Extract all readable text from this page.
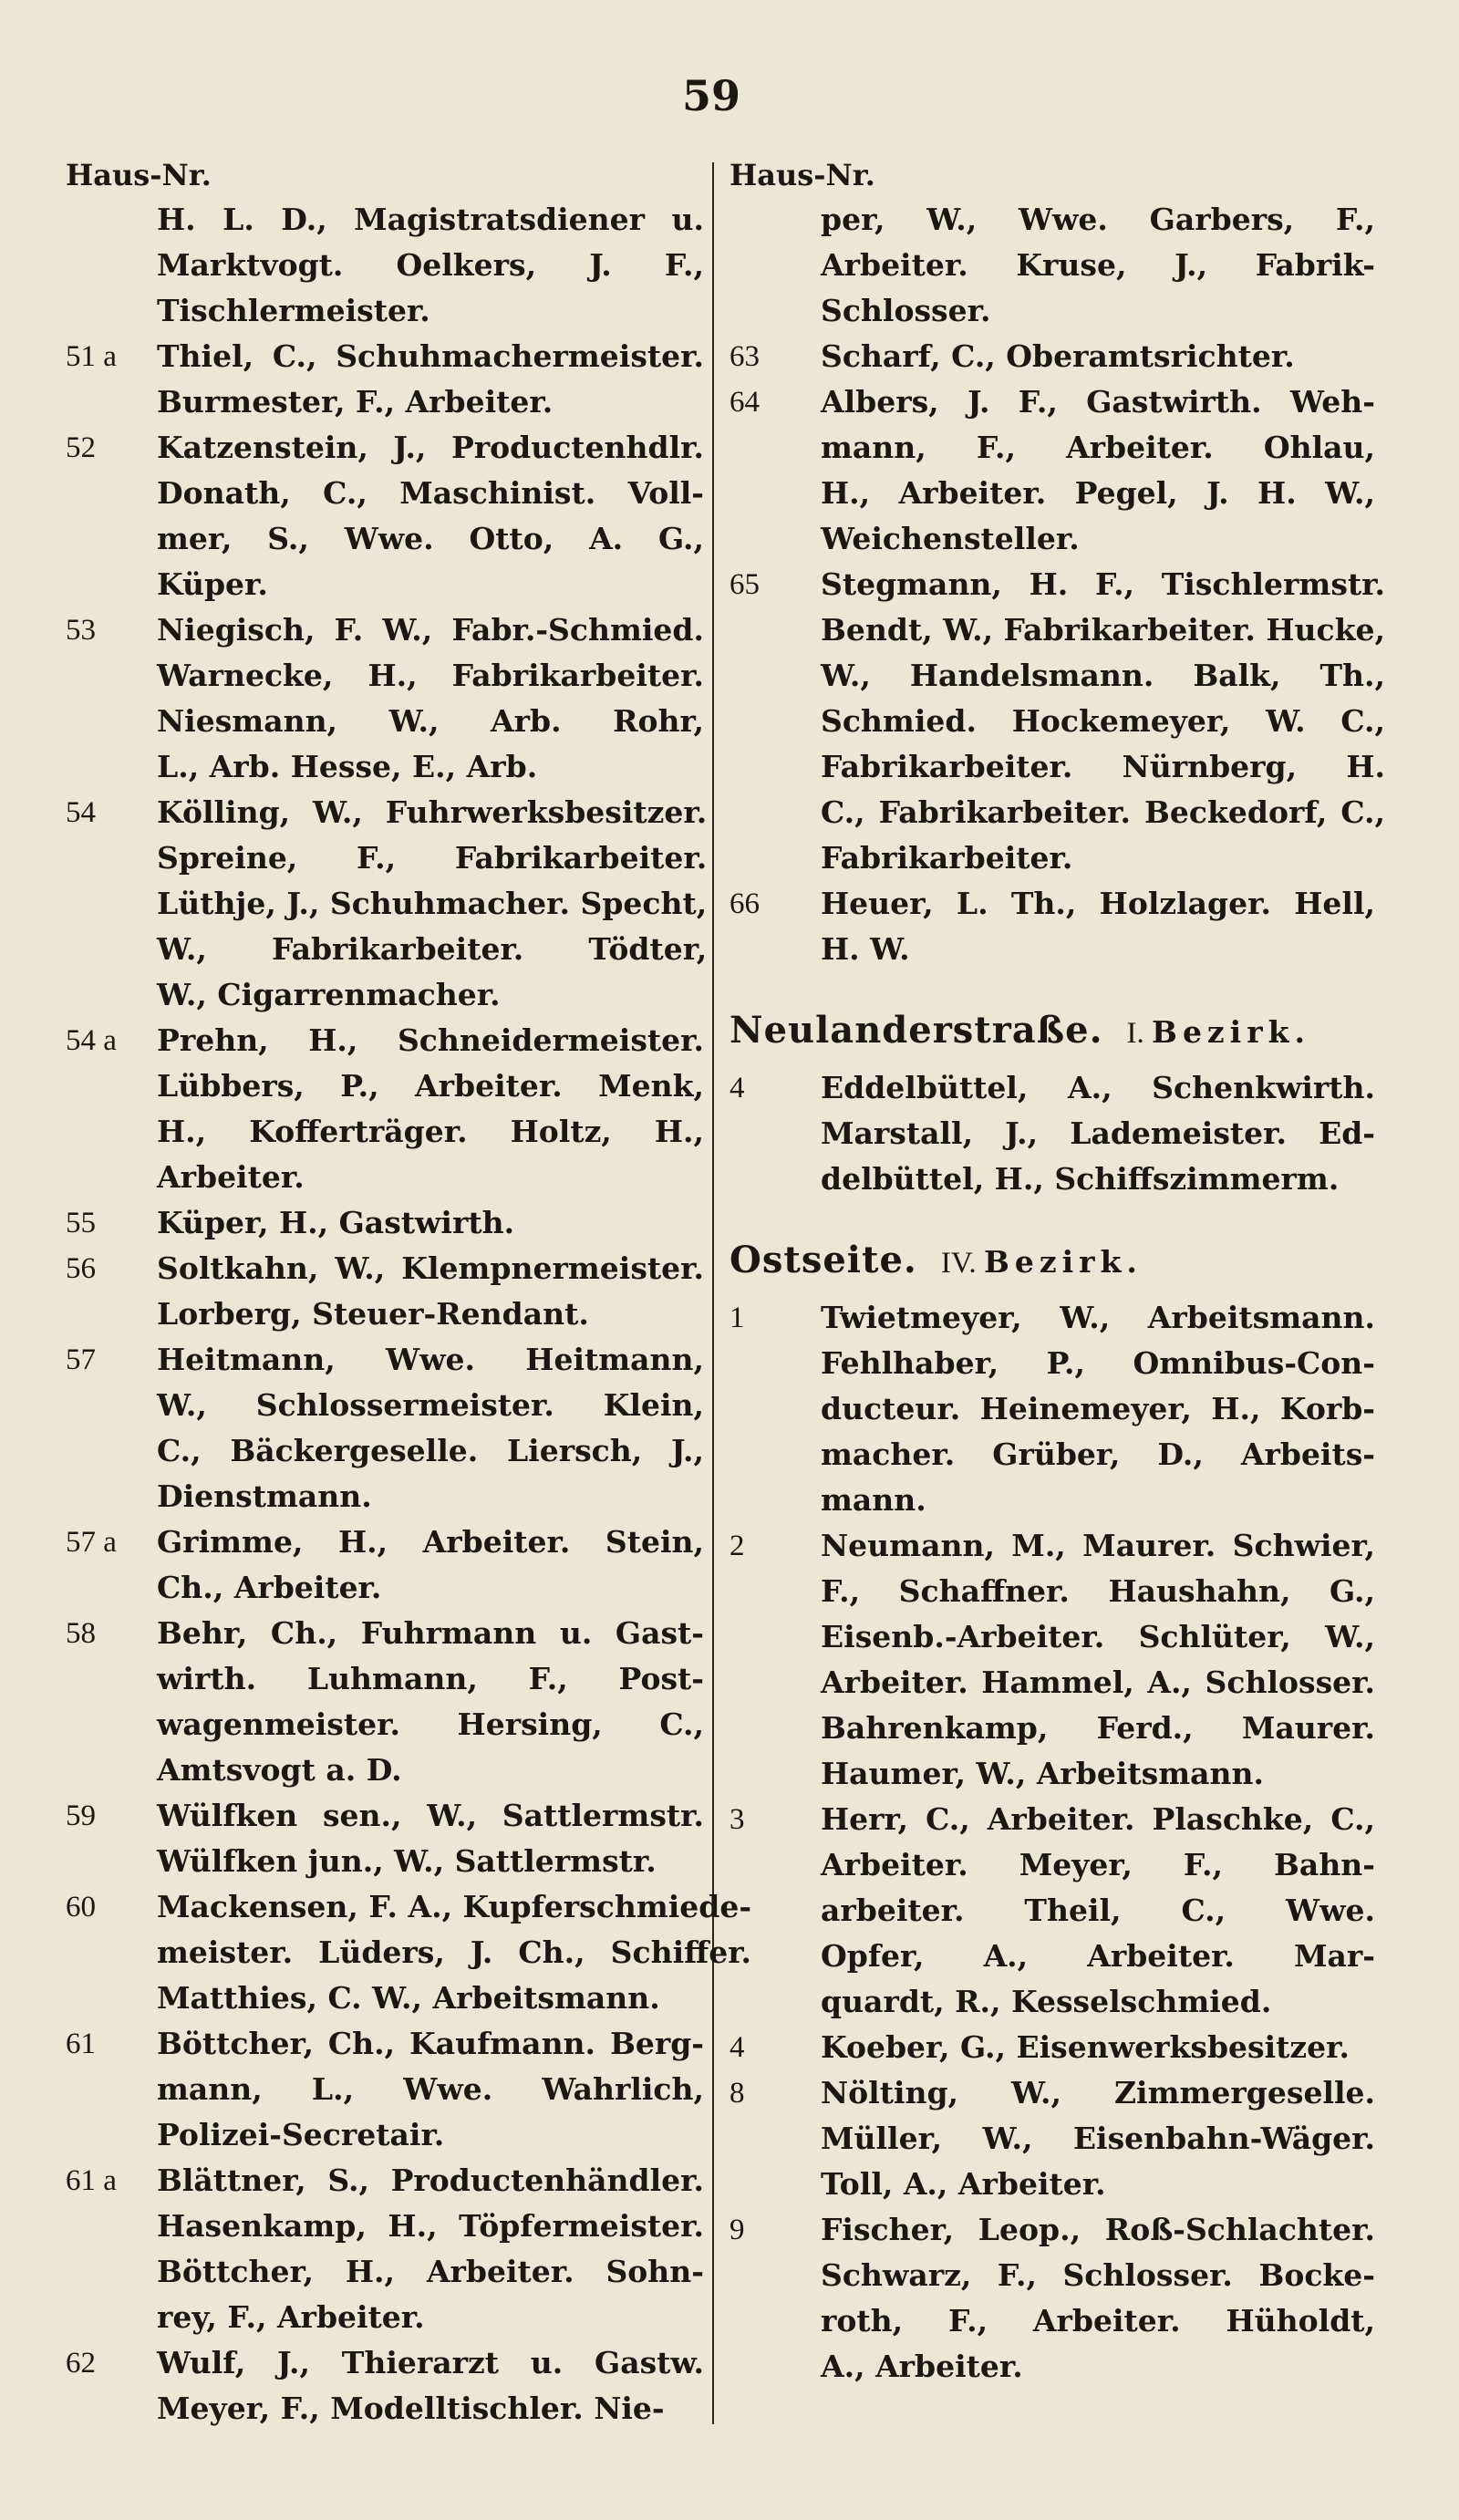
59
Haus-Nr.
H. L. D., Magistratsdiener u.
Marktvogt. Oelkers, J. F.,
Tischlermeister.
51 a	Thiel, C., Schuhmachermeister.
Burmester, F., Arbeiter.
52	Katzenstein, J., Productenhdlr.
Donath, C., Maschinist. Voll-
mer, S., Wwe. Otto, A. G.,
Küper.
53	Niegisch, F. W., Fabr.-Schmied.
Warnecke, H., Fabrikarbeiter.
Niesmann, W., Arb. Rohr,
L., Arb. Hesse, E., Arb.
54	Kölling, W., Fuhrwerksbesitzer.
Spreine, F., Fabrikarbeiter.
Lüthje, J., Schuhmacher. Specht,
W., Fabrikarbeiter. Tödter,
W., Cigarrenmacher.
54 a	Prehn, H., Schneidermeister.
Lübbers, P., Arbeiter. Menk,
H., Kofferträger. Holtz, H.,
Arbeiter.
55	Küper, H., Gastwirth.
56	Soltkahn, W., Klempnermeister.
Lorberg, Steuer-Rendant.
57	Heitmann, Wwe. Heitmann,
W., Schlossermeister. Klein,
C., Bäckergeselle. Liersch, J.,
Dienstmann.
57 a	Grimme, H., Arbeiter. Stein,
Ch., Arbeiter.
58	Behr, Ch., Fuhrmann u. Gast-
wirth. Luhmann, F., Post-
wagenmeister. Hersing, C.,
Amtsvogt a. D.
59	Wülfken sen., W., Sattlermstr.
Wülfken jun., W., Sattlermstr.
60	Mackensen, F. A., Kupferschmiede-
meister. Lüders, J. Ch., Schiffer.
Matthies, C. W., Arbeitsmann.
61	Böttcher, Ch., Kaufmann. Berg-
mann, L., Wwe. Wahrlich,
Polizei-Secretair.
61 a	Blättner, S., Productenhändler.
Hasenkamp, H., Töpfermeister.
Böttcher, H., Arbeiter. Sohn-
rey, F., Arbeiter.
62	Wulf, J., Thierarzt u. Gastw.
Meyer, F., Modelltischler. Nie-
Haus-Nr.
per, W., Wwe. Garbers, F.,
Arbeiter. Kruse, J., Fabrik-
Schlosser.
63	Scharf, C., Oberamtsrichter.
64	Albers, J. F., Gastwirth. Weh-
mann, F., Arbeiter. Ohlau,
H., Arbeiter. Pegel, J. H. W.,
Weichensteller.
65	Stegmann, H. F., Tischlermstr.
Bendt, W., Fabrikarbeiter. Hucke,
W., Handelsmann. Balk, Th.,
Schmied. Hockemeyer, W. C.,
Fabrikarbeiter. Nürnberg, H.
C., Fabrikarbeiter. Beckedorf, C.,
Fabrikarbeiter.
66	Heuer, L. Th., Holzlager. Hell,
H. W.
Neulanderstraße. I. Bezirk.
4	Eddelbüttel, A., Schenkwirth.
Marstall, J., Lademeister. Ed-
delbüttel, H., Schiffszimmerm.
Ostseite. IV. Bezirk.
1	Twietmeyer, W., Arbeitsmann.
Fehlhaber, P., Omnibus-Con-
ducteur. Heinemeyer, H., Korb-
macher. Grüber, D., Arbeits-
mann.
2	Neumann, M., Maurer. Schwier,
F., Schaffner. Haushahn, G.,
Eisenb.-Arbeiter. Schlüter, W.,
Arbeiter. Hammel, A., Schlosser.
Bahrenkamp, Ferd., Maurer.
Haumer, W., Arbeitsmann.
3	Herr, C., Arbeiter. Plaschke, C.,
Arbeiter. Meyer, F., Bahn-
arbeiter. Theil, C., Wwe.
Opfer, A., Arbeiter. Mar-
quardt, R., Kesselschmied.
4	Koeber, G., Eisenwerksbesitzer.
8	Nölting, W., Zimmergeselle.
Müller, W., Eisenbahn-Wäger.
Toll, A., Arbeiter.
9	Fischer, Leop., Roß-Schlachter.
Schwarz, F., Schlosser. Bocke-
roth, F., Arbeiter. Hüholdt,
A., Arbeiter.
